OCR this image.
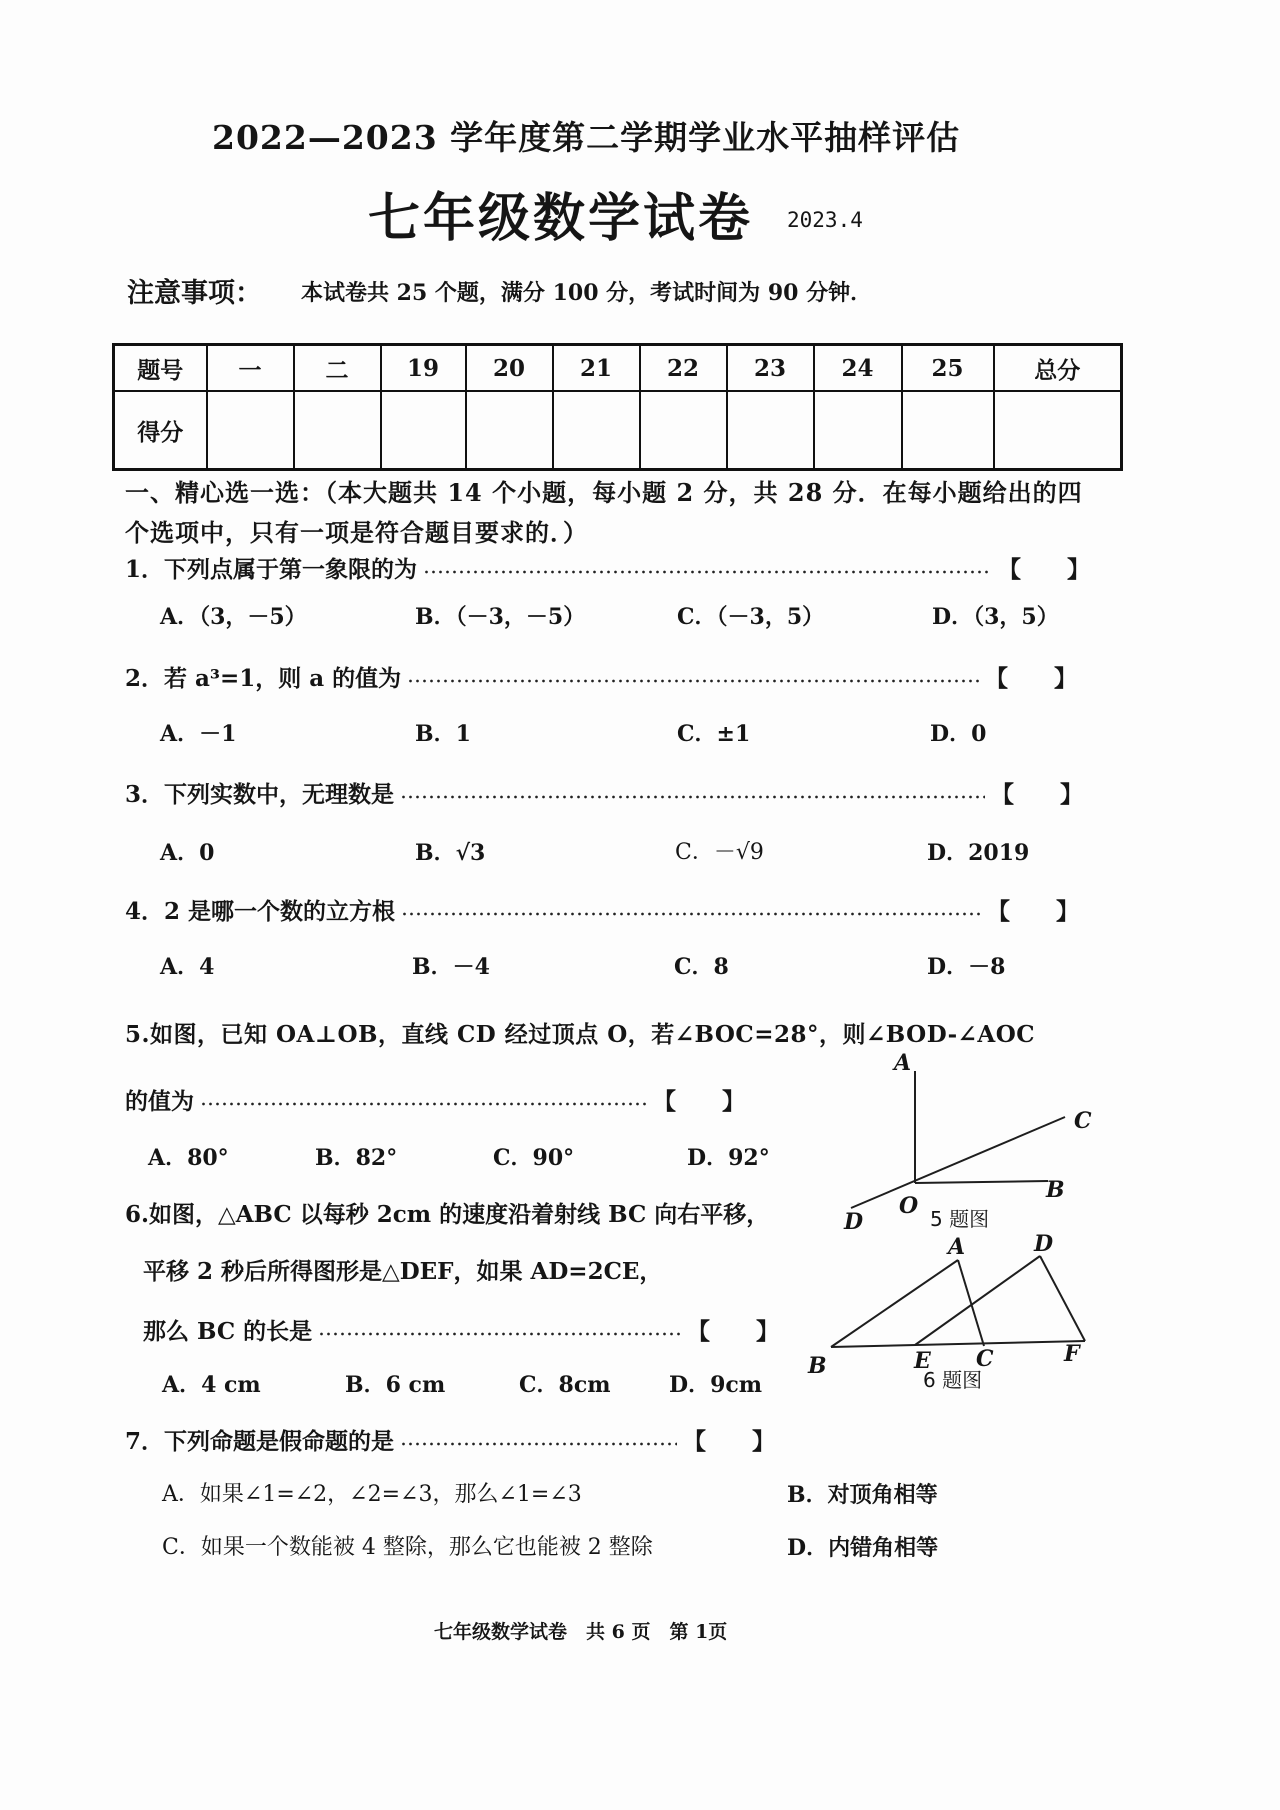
2022—2023 学年度第二学期学业水平抽样评估
七年级数学试卷 2023.4
注意事项： 本试卷共 25 个题，满分 100 分，考试时间为 90 分钟．
题号	一	二	19	20	21	22	23	24	25	总分
得分										
一、精心选一选：（本大题共 14 个小题，每小题 2 分，共 28 分．在每小题给出的四
个选项中，只有一项是符合题目要求的．）
1．下列点属于第一象限的为	【　　】
A．（3，－5）	B．（－3，－5）	C．（－3，5）	D．（3，5）
2．若 a³=1，则 a 的值为	【　　】
A．－1	B．1	C．±1	D．0
3．下列实数中，无理数是	【　　】
A．0	B．√3	C．－√9	D．2019
4．2 是哪一个数的立方根	【　　】
A．4	B．－4	C．8	D．－8
5.如图，已知 OA⊥OB，直线 CD 经过顶点 O，若∠BOC=28°，则∠BOD-∠AOC
的值为	【　　】
A．80°	B．82°	C．90°	D．92°
A
C
B
O
D	5 题图
6.如图，△ABC 以每秒 2cm 的速度沿着射线 BC 向右平移，
平移 2 秒后所得图形是△DEF，如果 AD=2CE，
那么 BC 的长是	【　　】
A．4 cm	B．6 cm	C．8cm	D．9cm
A	D
B	E C	F
6 题图
7．下列命题是假命题的是	【　　】
A．如果∠1=∠2，∠2=∠3，那么∠1=∠3	B．对顶角相等
C．如果一个数能被 4 整除，那么它也能被 2 整除	D．内错角相等
七年级数学试卷　共 6 页　第 1页
